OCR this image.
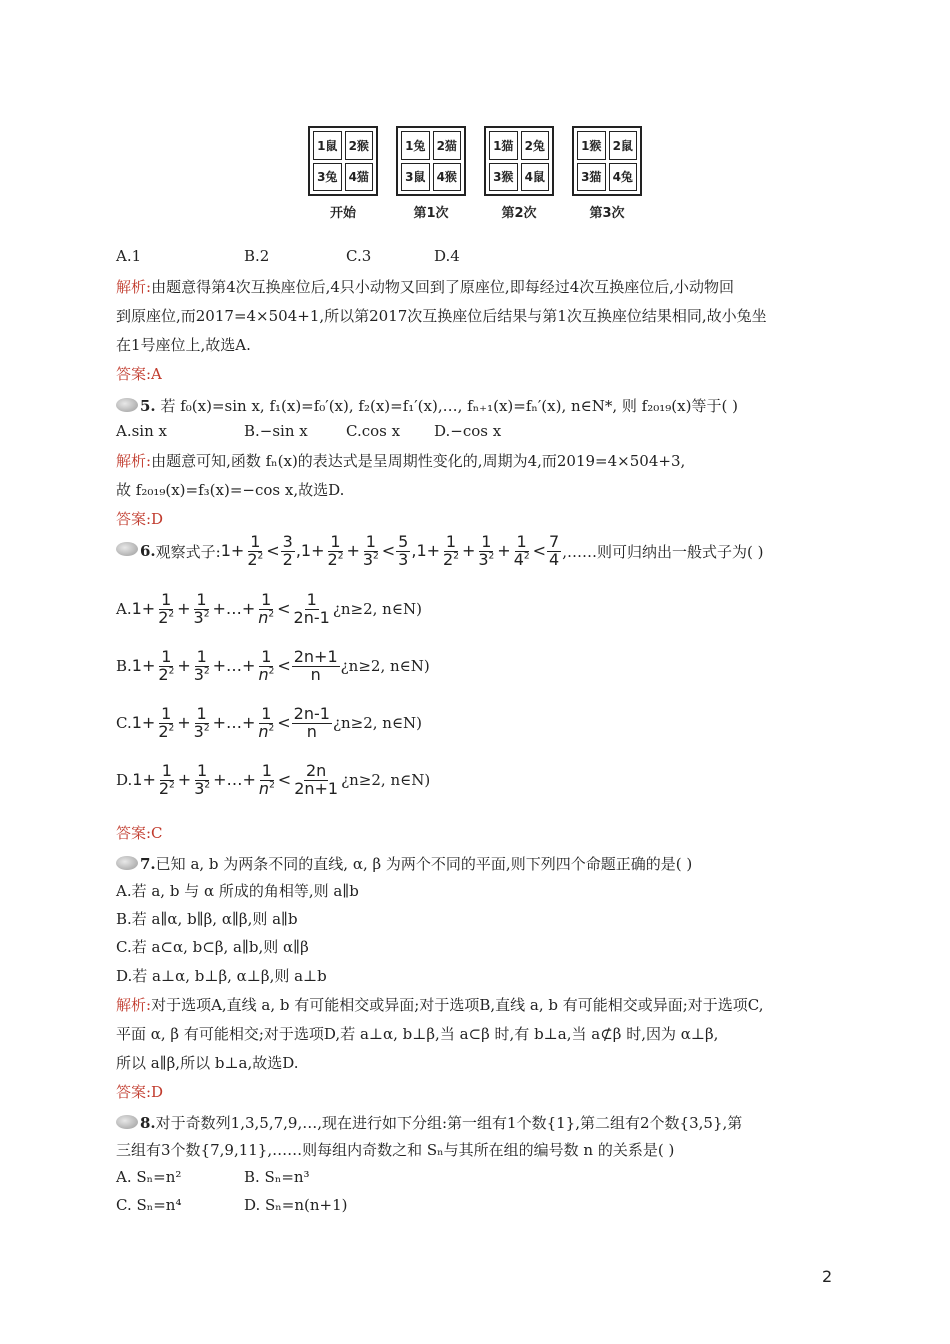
1鼠 2猴
3兔 4猫
开始
1兔 2猫
3鼠 4猴
第1次
1猫 2兔
3猴 4鼠
第2次
1猴 2鼠
3猫 4兔
第3次
A.1	B.2	C.3	D.4
解析:由题意得第4次互换座位后,4只小动物又回到了原座位,即每经过4次互换座位后,小动物回
到原座位,而2017=4×504+1,所以第2017次互换座位后结果与第1次互换座位结果相同,故小兔坐
在1号座位上,故选A.
答案:A
5. 若 f₀(x)=sin x, f₁(x)=f₀′(x), f₂(x)=f₁′(x),…, fₙ₊₁(x)=fₙ′(x), n∈N*, 则 f₂₀₁₉(x)等于( )
A.sin x	B.−sin x	C.cos x D.−cos x
解析:由题意可知,函数 fₙ(x)的表达式是呈周期性变化的,周期为4,而2019=4×504+3,
故 f₂₀₁₉(x)=f₃(x)=−cos x,故选D.
答案:D
6. 观察式子: $1+ \frac{1}{2^2} < \frac{3}{2} ,1+ \frac{1}{2^2} + \frac{1}{3^2} < \frac{5}{3} ,1+ \frac{1}{2^2} + \frac{1}{3^2} + \frac{1}{4^2} < \frac{7}{4}$ ,……则可归纳出一般式子为( )
A. $1+ \frac{1}{2^2} + \frac{1}{3^2}$ +…+ $\frac{1}{n^2} < \frac{1}{2n-1}$ ¿n≥2, n∈N)
B. $1+ \frac{1}{2^2} + \frac{1}{3^2}$ +…+ $\frac{1}{n^2} < \frac{2n+1}{n}$ ¿n≥2, n∈N)
C. $1+ \frac{1}{2^2} + \frac{1}{3^2}$ +…+ $\frac{1}{n^2} < \frac{2n-1}{n}$ ¿n≥2, n∈N)
D. $1+ \frac{1}{2^2} + \frac{1}{3^2}$ +…+ $\frac{1}{n^2} < \frac{2n}{2n+1}$ ¿n≥2, n∈N)
答案:C
7.已知 a, b 为两条不同的直线, α, β 为两个不同的平面,则下列四个命题正确的是( )
A.若 a, b 与 α 所成的角相等,则 a∥b
B.若 a∥α, b∥β, α∥β,则 a∥b
C.若 a⊂α, b⊂β, a∥b,则 α∥β
D.若 a⊥α, b⊥β, α⊥β,则 a⊥b
解析:对于选项A,直线 a, b 有可能相交或异面;对于选项B,直线 a, b 有可能相交或异面;对于选项C,
平面 α, β 有可能相交;对于选项D,若 a⊥α, b⊥β,当 a⊂β 时,有 b⊥a,当 a⊄β 时,因为 α⊥β,
所以 a∥β,所以 b⊥a,故选D.
答案:D
8.对于奇数列1,3,5,7,9,…,现在进行如下分组:第一组有1个数{1},第二组有2个数{3,5},第
三组有3个数{7,9,11},……则每组内奇数之和 Sₙ与其所在组的编号数 n 的关系是( )
A. Sₙ=n²	B. Sₙ=n³
C. Sₙ=n⁴	D. Sₙ=n(n+1)
2
